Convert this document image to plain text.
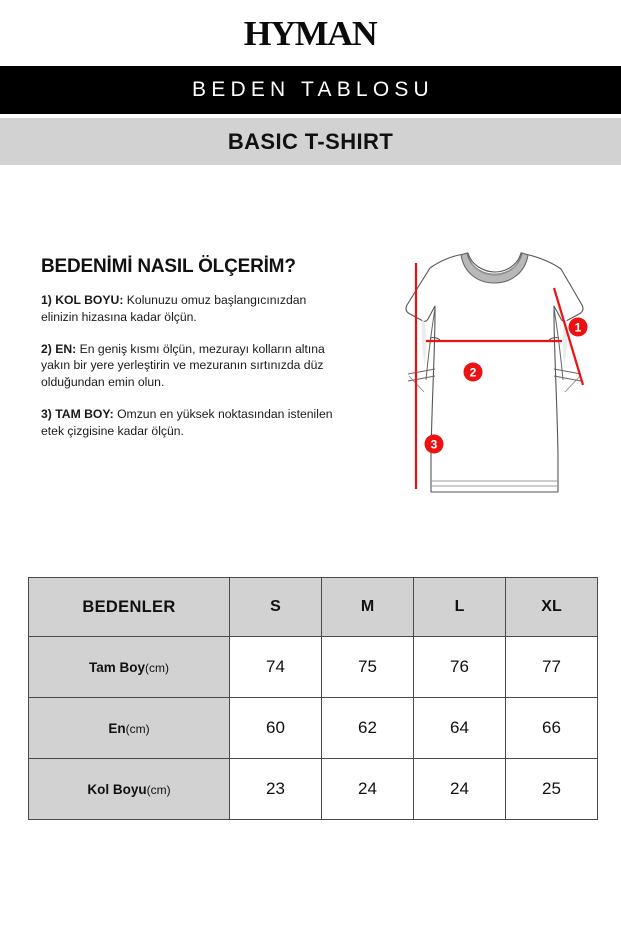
HYMAN
BEDEN TABLOSU
BASIC T-SHIRT
BEDENİMİ NASIL ÖLÇERİM?
1) KOL BOYU: Kolunuzu omuz başlangıcınızdan elinizin hizasına kadar ölçün.
2) EN: En geniş kısmı ölçün, mezurayı kolların altına yakın bir yere yerleştirin ve mezuranın sırtınızda düz olduğundan emin olun.
3) TAM BOY: Omzun en yüksek noktasından istenilen etek çizgisine kadar ölçün.
1
2
3
BEDENLER	S	M	L	XL
Tam Boy(cm)	74	75	76	77
En(cm)	60	62	64	66
Kol Boyu(cm)	23	24	24	25
